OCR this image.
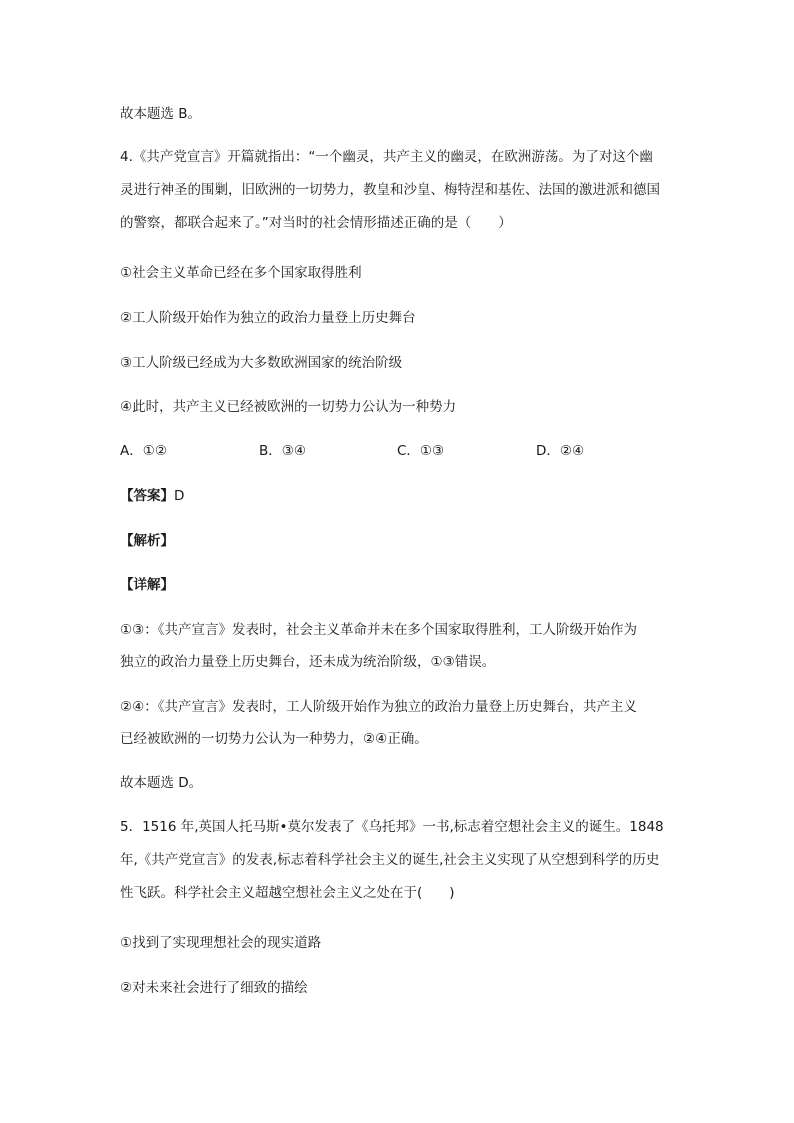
故本题选 B。
4.《共产党宣言》开篇就指出：“一个幽灵，共产主义的幽灵，在欧洲游荡。为了对这个幽
灵进行神圣的围剿，旧欧洲的一切势力，教皇和沙皇、梅特涅和基佐、法国的激进派和德国
的警察，都联合起来了。”对当时的社会情形描述正确的是（　　）
①社会主义革命已经在多个国家取得胜利
②工人阶级开始作为独立的政治力量登上历史舞台
③工人阶级已经成为大多数欧洲国家的统治阶级
④此时，共产主义已经被欧洲的一切势力公认为一种势力
A．①②	B．③④	C．①③	D．②④
【答案】D
【解析】
【详解】
①③：《共产宣言》发表时，社会主义革命并未在多个国家取得胜利，工人阶级开始作为
独立的政治力量登上历史舞台，还未成为统治阶级，①③错误。
②④：《共产宣言》发表时，工人阶级开始作为独立的政治力量登上历史舞台，共产主义
已经被欧洲的一切势力公认为一种势力，②④正确。
故本题选 D。
5．1516 年,英国人托马斯•莫尔发表了《乌托邦》一书,标志着空想社会主义的诞生。1848
年,《共产党宣言》的发表,标志着科学社会主义的诞生,社会主义实现了从空想到科学的历史
性飞跃。科学社会主义超越空想社会主义之处在于(　　)
①找到了实现理想社会的现实道路
②对未来社会进行了细致的描绘
